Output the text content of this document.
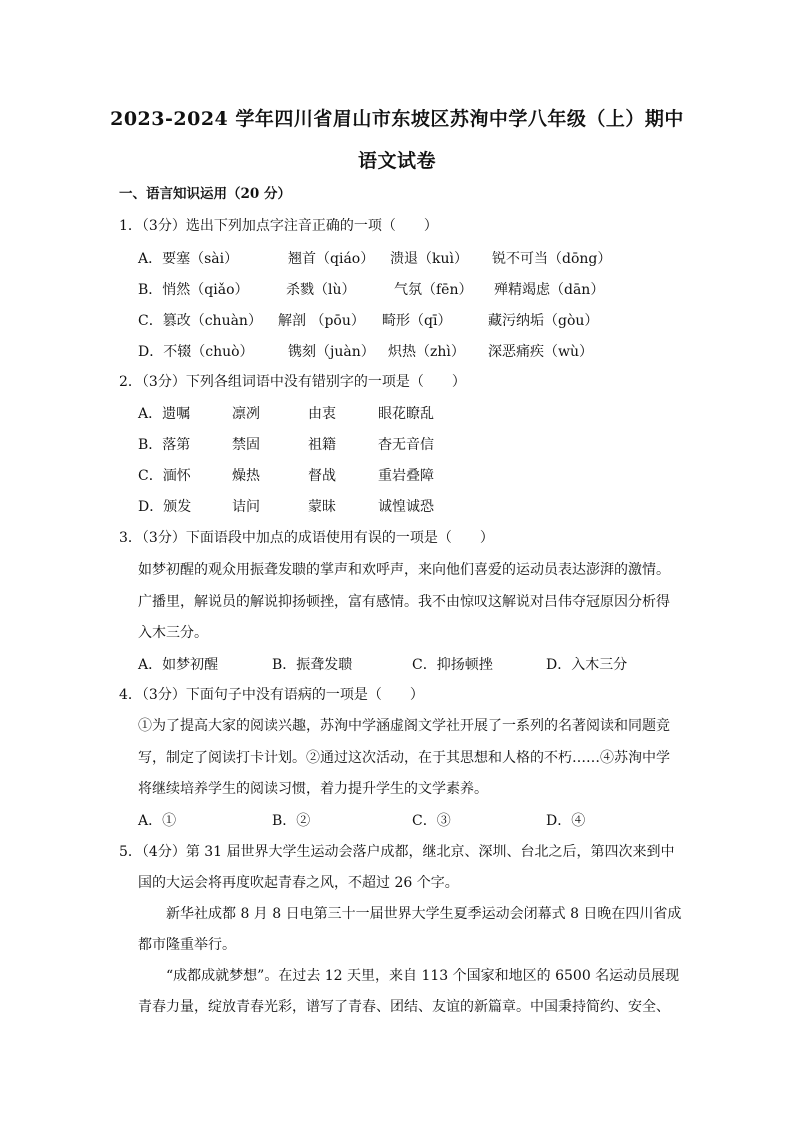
2023-2024 学年四川省眉山市东坡区苏洵中学八年级（上）期中
语文试卷
一、语言知识运用（20 分）
1．（3分）选出下列加点字注音正确的一项（　　）
A．要塞（sài）	翘首（qiáo） 溃退（kuì） 锐不可当（dōng）
B．悄然（qiǎo）	杀戮（lù）	气氛（fēn） 殚精竭虑（dān）
C．篡改（chuàn） 解剖 （pōu） 畸形（qī）	藏污纳垢（gòu）
D．不辍（chuò） 镌刻（juàn） 炽热（zhì） 深恶痛疾（wù）
2．（3分）下列各组词语中没有错别字的一项是（　　）
A．遗嘱	凛冽	由衷	眼花瞭乱
B．落第	禁固	祖籍	杳无音信
C．湎怀	燥热	督战	重岩叠障
D．颁发	诘问	蒙昧	诚惶诚恐
3．（3分）下面语段中加点的成语使用有误的一项是（　　）
如梦初醒的观众用振聋发聩的掌声和欢呼声，来向他们喜爱的运动员表达澎湃的激情。
广播里，解说员的解说抑扬顿挫，富有感情。我不由惊叹这解说对吕伟夺冠原因分析得
入木三分。
A．如梦初醒	B．振聋发聩	C．抑扬顿挫	D．入木三分
4．（3分）下面句子中没有语病的一项是（　　）
①为了提高大家的阅读兴趣，苏洵中学涵虚阁文学社开展了一系列的名著阅读和同题竞
写，制定了阅读打卡计划。②通过这次活动，在于其思想和人格的不朽……④苏洵中学
将继续培养学生的阅读习惯，着力提升学生的文学素养。
A．①	B．②	C．③	D．④
5．（4分）第 31 届世界大学生运动会落户成都，继北京、深圳、台北之后，第四次来到中
国的大运会将再度吹起青春之风，不超过 26 个字。
新华社成都 8 月 8 日电第三十一届世界大学生夏季运动会闭幕式 8 日晚在四川省成
都市隆重举行。
“成都成就梦想”。在过去 12 天里，来自 113 个国家和地区的 6500 名运动员展现
青春力量，绽放青春光彩，谱写了青春、团结、友谊的新篇章。中国秉持简约、安全、
